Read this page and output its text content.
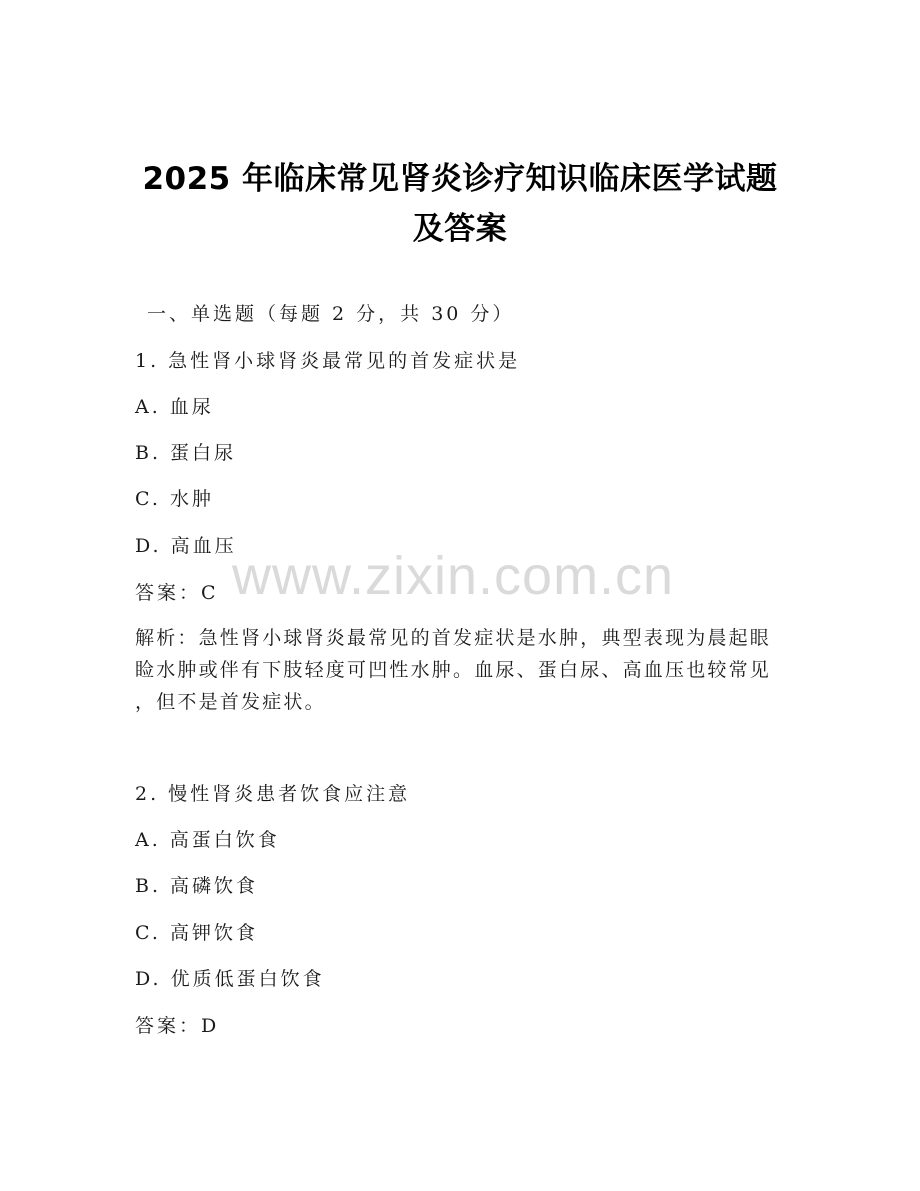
2025 年临床常见肾炎诊疗知识临床医学试题
及答案
一、单选题（每题 2 分，共 30 分）
1. 急性肾小球肾炎最常见的首发症状是
A. 血尿
B. 蛋白尿
C. 水肿
D. 高血压
答案：C
解析：急性肾小球肾炎最常见的首发症状是水肿，典型表现为晨起眼
睑水肿或伴有下肢轻度可凹性水肿。血尿、蛋白尿、高血压也较常见
，但不是首发症状。
2. 慢性肾炎患者饮食应注意
A. 高蛋白饮食
B. 高磷饮食
C. 高钾饮食
D. 优质低蛋白饮食
答案：D
www.zixin.com.cn
